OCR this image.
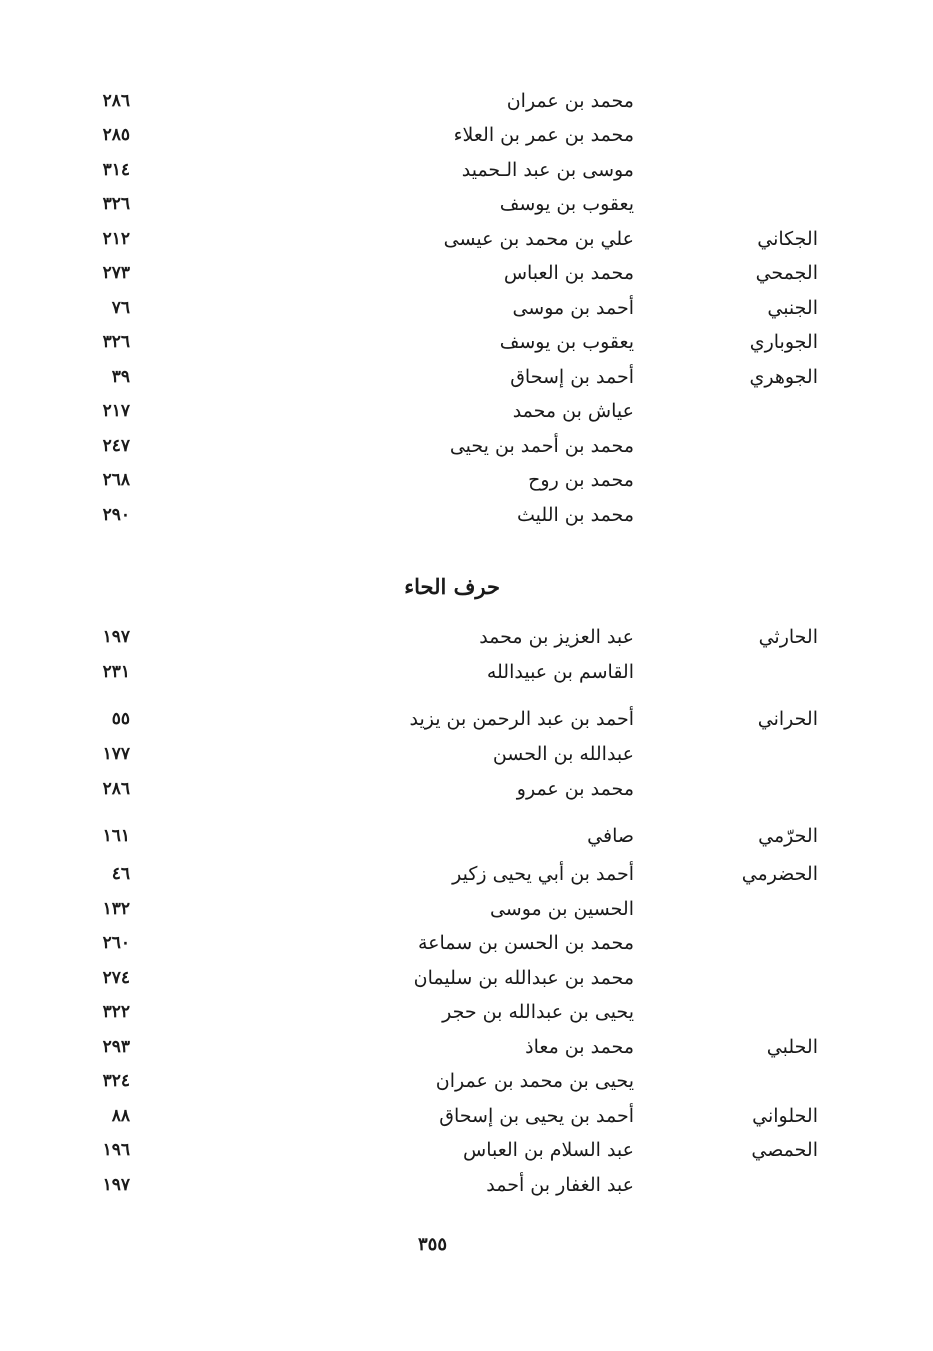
محمد بن عمران
٢٨٦
محمد بن عمر بن العلاء
٢٨٥
موسى بن عبد الـحميد
٣١٤
يعقوب بن يوسف
٣٢٦
الجكاني
علي بن محمد بن عيسى
٢١٢
الجمحي
محمد بن العباس
٢٧٣
الجنبي
أحمد بن موسى
٧٦
الجوباري
يعقوب بن يوسف
٣٢٦
الجوهري
أحمد بن إسحاق
٣٩
عياش بن محمد
٢١٧
محمد بن أحمد بن يحيى
٢٤٧
محمد بن روح
٢٦٨
محمد بن الليث
٢٩٠
حرف الحاء
الحارثي
عبد العزيز بن محمد
١٩٧
القاسم بن عبيدالله
٢٣١
الحراني
أحمد بن عبد الرحمن بن يزيد
٥٥
عبدالله بن الحسن
١٧٧
محمد بن عمرو
٢٨٦
الحرّمي
صافي
١٦١
الحضرمي
أحمد بن أبي يحيى زكير
٤٦
الحسين بن موسى
١٣٢
محمد بن الحسن بن سماعة
٢٦٠
محمد بن عبدالله بن سليمان
٢٧٤
يحيى بن عبدالله بن حجر
٣٢٢
الحلبي
محمد بن معاذ
٢٩٣
يحيى بن محمد بن عمران
٣٢٤
الحلواني
أحمد بن يحيى بن إسحاق
٨٨
الحمصي
عبد السلام بن العباس
١٩٦
عبد الغفار بن أحمد
١٩٧
٣٥٥
